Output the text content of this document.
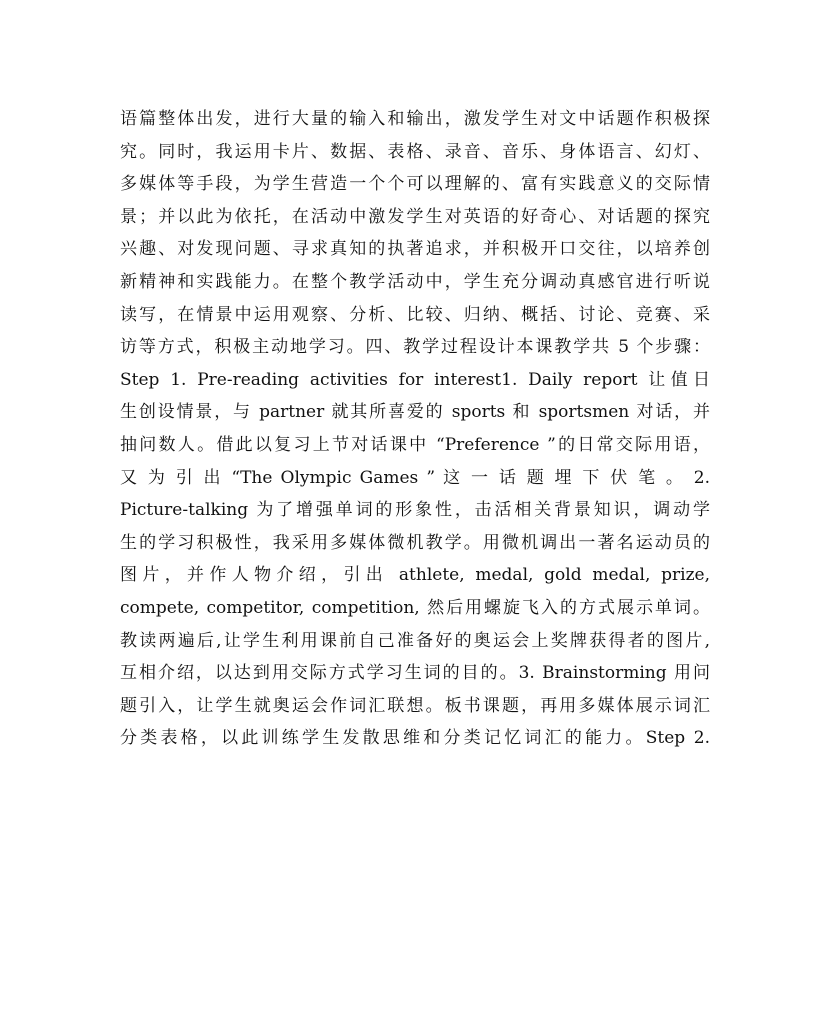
语篇整体出发，进行大量的输入和输出，激发学生对文中话题作积极探
究。同时，我运用卡片、数据、表格、录音、音乐、身体语言、幻灯、
多媒体等手段，为学生营造一个个可以理解的、富有实践意义的交际情
景；并以此为依托，在活动中激发学生对英语的好奇心、对话题的探究
兴趣、对发现问题、寻求真知的执著追求，并积极开口交往，以培养创
新精神和实践能力。在整个教学活动中，学生充分调动真感官进行听说
读写，在情景中运用观察、分析、比较、归纳、概括、讨论、竞赛、采
访等方式，积极主动地学习。四、教学过程设计本课教学共 5 个步骤：
Step 1. Pre-reading activities for interest1. Daily report 让值日
生创设情景，与 partner 就其所喜爱的 sports 和 sportsmen 对话，并
抽问数人。借此以复习上节对话课中 “Preference ”的日常交际用语，
又 为 引 出 “The Olympic Games ” 这 一 话 题 埋 下 伏 笔 。 2.
Picture-talking 为了增强单词的形象性，击活相关背景知识，调动学
生的学习积极性，我采用多媒体微机教学。用微机调出一著名运动员的
图片，并作人物介绍，引出 athlete, medal, gold medal, prize,
compete, competitor, competition, 然后用螺旋飞入的方式展示单词。
教读两遍后,让学生利用课前自己准备好的奥运会上奖牌获得者的图片,
互相介绍，以达到用交际方式学习生词的目的。3. Brainstorming 用问
题引入，让学生就奥运会作词汇联想。板书课题，再用多媒体展示词汇
分类表格，以此训练学生发散思维和分类记忆词汇的能力。Step 2.
